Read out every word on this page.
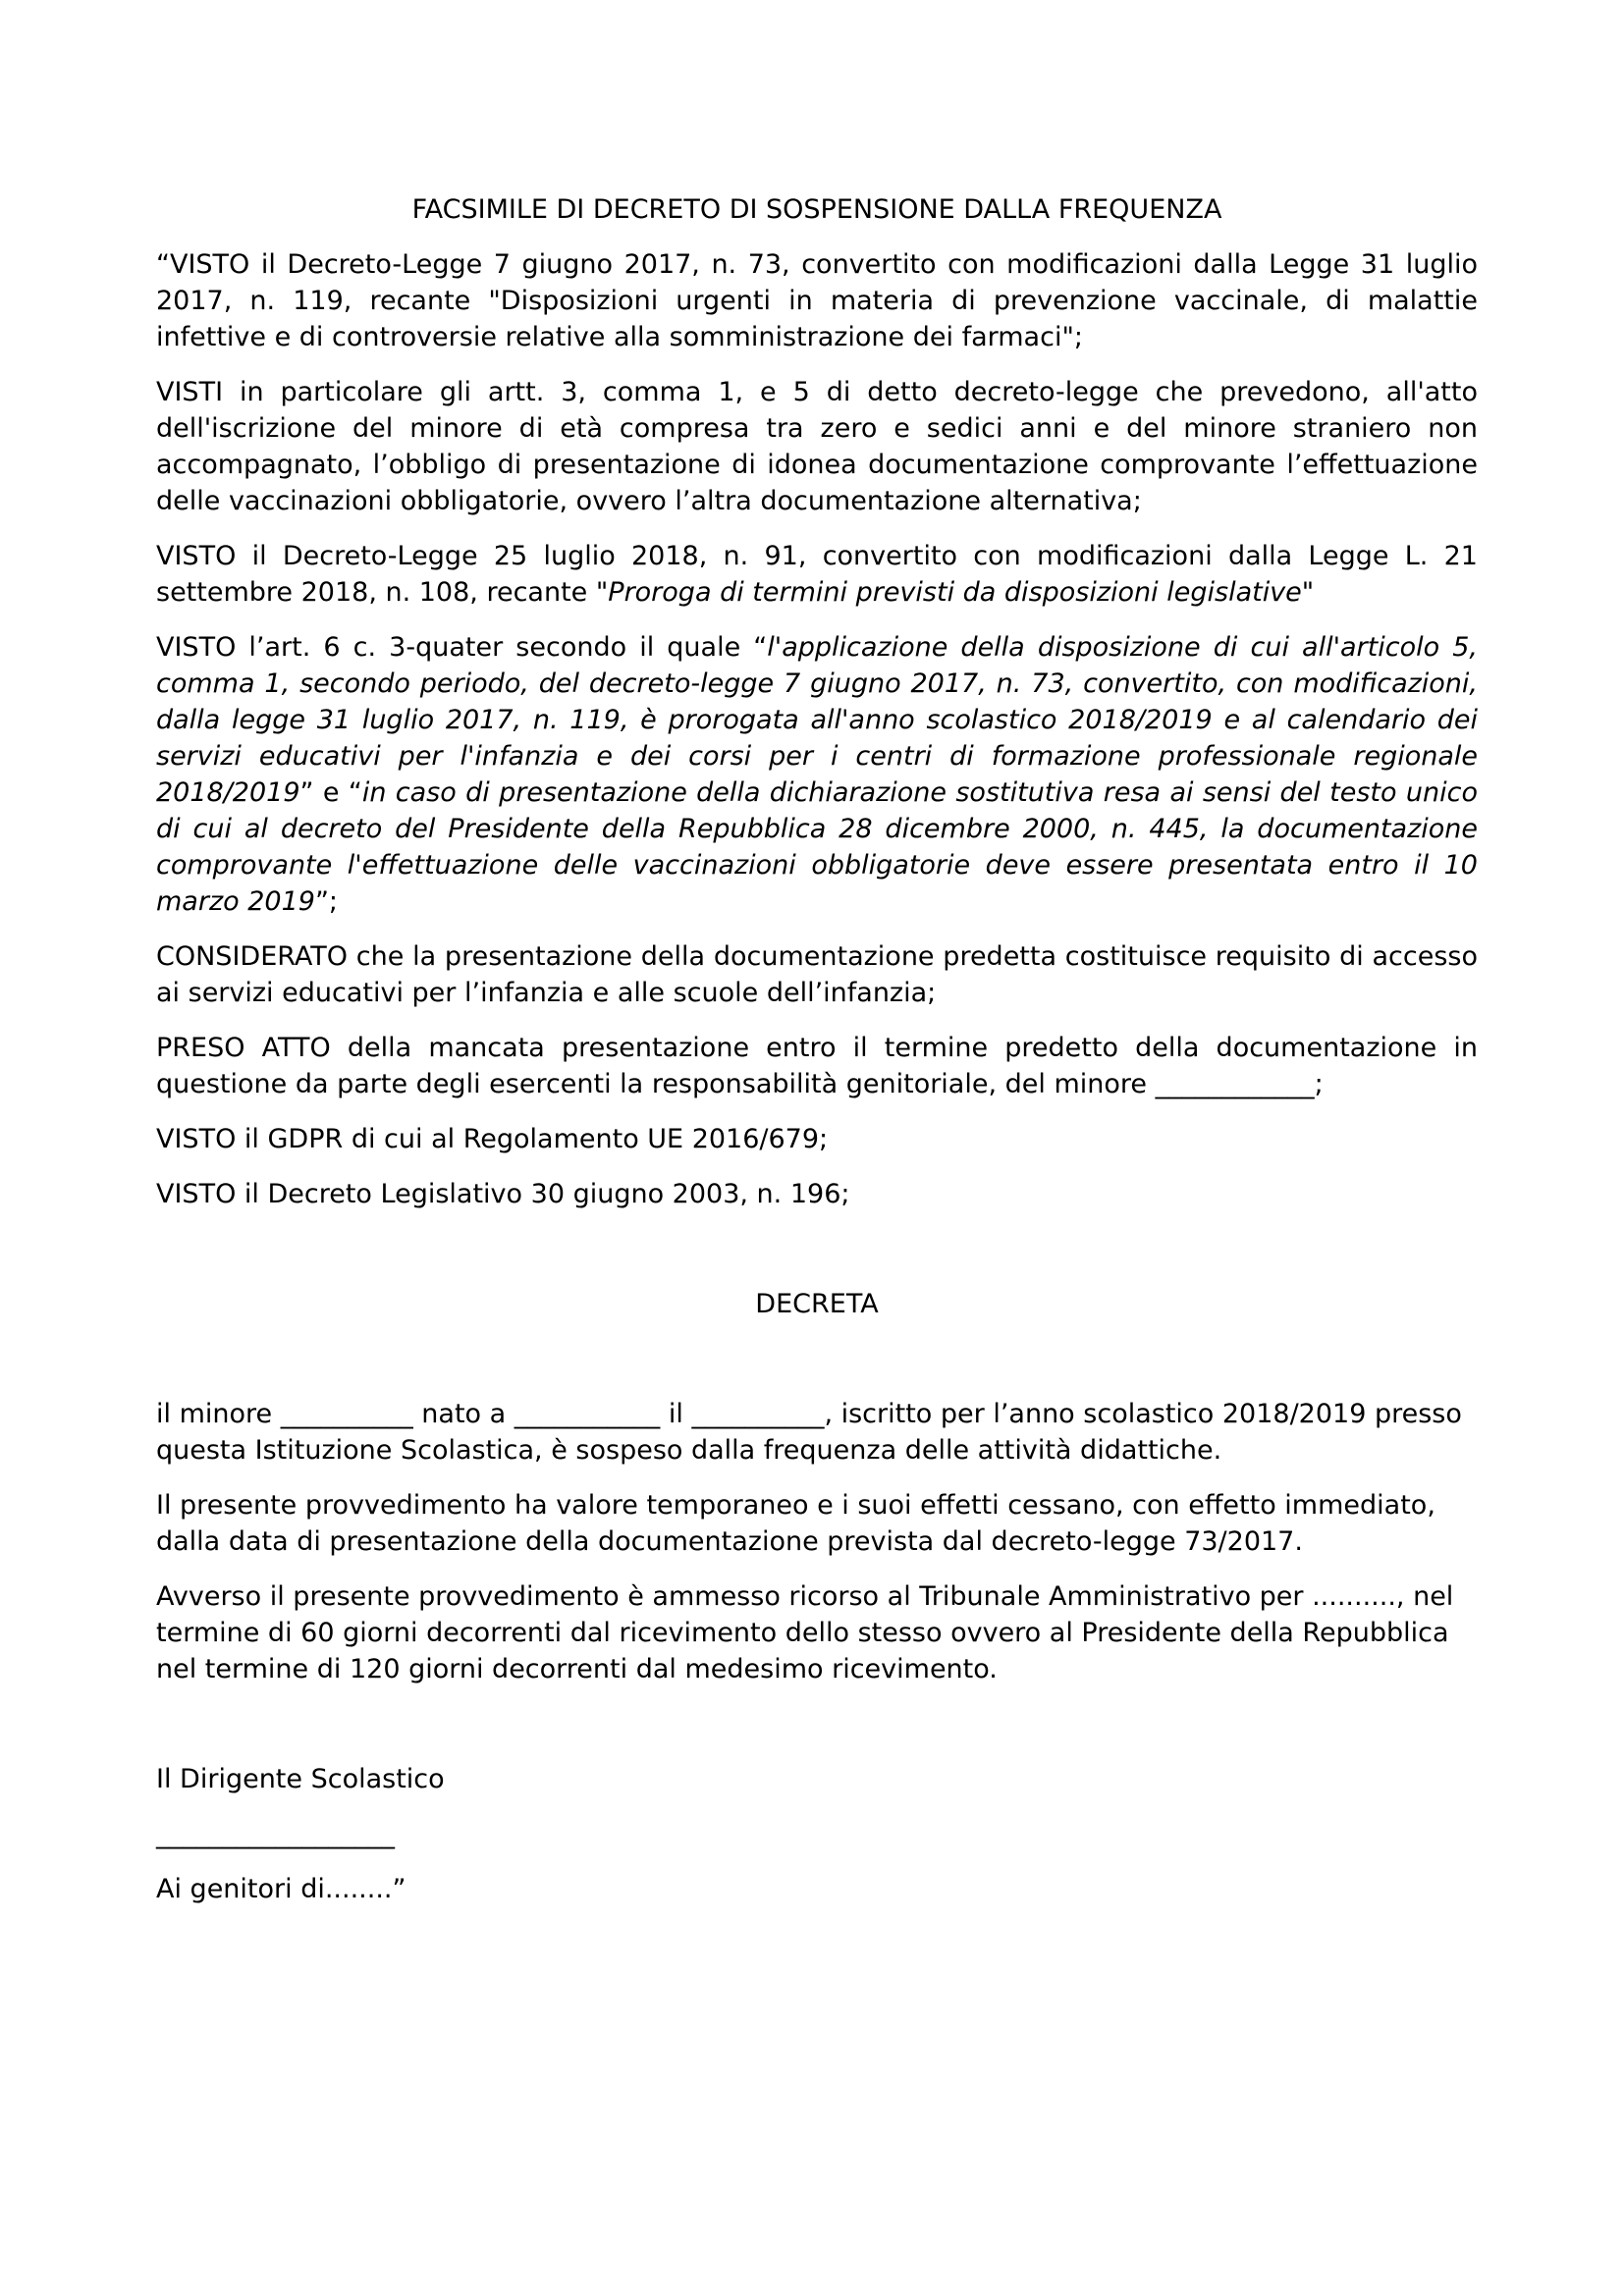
FACSIMILE DI DECRETO DI SOSPENSIONE DALLA FREQUENZA
“VISTO il Decreto-Legge 7 giugno 2017, n. 73, convertito con modificazioni dalla Legge 31 luglio 2017, n. 119, recante "Disposizioni urgenti in materia di prevenzione vaccinale, di malattie infettive e di controversie relative alla somministrazione dei farmaci";
VISTI in particolare gli artt. 3, comma 1, e 5 di detto decreto-legge che prevedono, all'atto dell'iscrizione del minore di età compresa tra zero e sedici anni e del minore straniero non accompagnato, l’obbligo di presentazione di idonea documentazione comprovante l’effettuazione delle vaccinazioni obbligatorie, ovvero l’altra documentazione alternativa;
VISTO il Decreto-Legge 25 luglio 2018, n. 91, convertito con modificazioni dalla Legge L. 21 settembre 2018, n. 108, recante "Proroga di termini previsti da disposizioni legislative"
VISTO l’art. 6 c. 3-quater secondo il quale “l'applicazione della disposizione di cui all'articolo 5, comma 1, secondo periodo, del decreto-legge 7 giugno 2017, n. 73, convertito, con modificazioni, dalla legge 31 luglio 2017, n. 119, è prorogata all'anno scolastico 2018/2019 e al calendario dei servizi educativi per l'infanzia e dei corsi per i centri di formazione professionale regionale 2018/2019” e “in caso di presentazione della dichiarazione sostitutiva resa ai sensi del testo unico di cui al decreto del Presidente della Repubblica 28 dicembre 2000, n. 445, la documentazione comprovante l'effettuazione delle vaccinazioni obbligatorie deve essere presentata entro il 10 marzo 2019”;
CONSIDERATO che la presentazione della documentazione predetta costituisce requisito di accesso ai servizi educativi per l’infanzia e alle scuole dell’infanzia;
PRESO ATTO della mancata presentazione entro il termine predetto della documentazione in questione da parte degli esercenti la responsabilità genitoriale, del minore ____________;
VISTO il GDPR di cui al Regolamento UE 2016/679;
VISTO il Decreto Legislativo 30 giugno 2003, n. 196;
DECRETA
il minore __________ nato a ___________ il __________, iscritto per l’anno scolastico 2018/2019 presso questa Istituzione Scolastica, è sospeso dalla frequenza delle attività didattiche.
Il presente provvedimento ha valore temporaneo e i suoi effetti cessano, con effetto immediato, dalla data di presentazione della documentazione prevista dal decreto-legge 73/2017.
Avverso il presente provvedimento è ammesso ricorso al Tribunale Amministrativo per .........., nel termine di 60 giorni decorrenti dal ricevimento dello stesso ovvero al Presidente della Repubblica nel termine di 120 giorni decorrenti dal medesimo ricevimento.
Il Dirigente Scolastico
__________________
Ai genitori di........”
